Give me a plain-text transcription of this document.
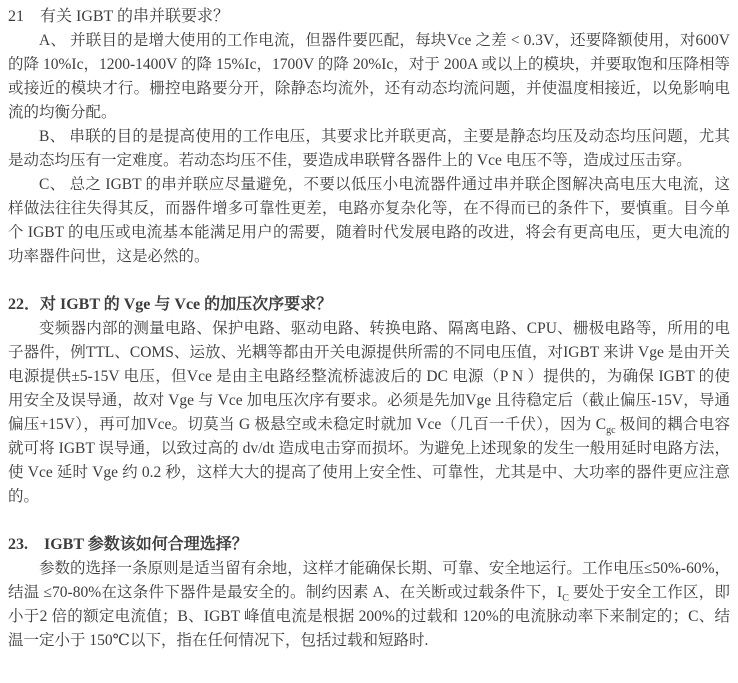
21　有关 IGBT 的串并联要求？

A、 并联目的是增大使用的工作电流，但器件要匹配，每块Vce 之差 < 0.3V，还要降额使用，对600V 的降 10%Ic，1200-1400V 的降 15%Ic，1700V 的降 20%Ic，对于 200A 或以上的模块，并要取饱和压降相等或接近的模块才行。栅控电路要分开，除静态均流外，还有动态均流问题，并使温度相接近，以免影响电流的均衡分配。

B、 串联的目的是提高使用的工作电压，其要求比并联更高，主要是静态均压及动态均压问题，尤其是动态均压有一定难度。若动态均压不佳，要造成串联臂各器件上的 Vce 电压不等，造成过压击穿。

C、 总之 IGBT 的串并联应尽量避免，不要以低压小电流器件通过串并联企图解决高电压大电流，这样做法往往失得其反，而器件增多可靠性更差，电路亦复杂化等，在不得而已的条件下，要慎重。目今单个 IGBT 的电压或电流基本能满足用户的需要，随着时代发展电路的改进，将会有更高电压，更大电流的功率器件问世，这是必然的。

22．对 IGBT 的 Vge 与 Vce 的加压次序要求？

变频器内部的测量电路、保护电路、驱动电路、转换电路、隔离电路、CPU、栅极电路等，所用的电子器件，例TTL、COMS、运放、光耦等都由开关电源提供所需的不同电压值，对IGBT 来讲 Vge 是由开关电源提供±5-15V 电压，但Vce 是由主电路经整流桥滤波后的 DC 电源（P N ）提供的，为确保 IGBT 的使用安全及误导通，故对 Vge 与 Vce 加电压次序有要求。必须是先加Vge 且待稳定后（截止偏压-15V，导通偏压+15V），再可加Vce。切莫当 G 极悬空或未稳定时就加 Vce（几百一千伏），因为 $C_{gc}$ 极间的耦合电容就可将 IGBT 误导通，以致过高的 dv/dt 造成电击穿而损坏。为避免上述现象的发生一般用延时电路方法，使 Vce 延时 Vge 约 0.2 秒，这样大大的提高了使用上安全性、可靠性，尤其是中、大功率的器件更应注意的。

23.　IGBT 参数该如何合理选择？

参数的选择一条原则是适当留有余地，这样才能确保长期、可靠、安全地运行。工作电压≤50%-60%，结温 ≤70-80%在这条件下器件是最安全的。制约因素 A、在关断或过载条件下，$I_C$ 要处于安全工作区，即小于2 倍的额定电流值；B、IGBT 峰值电流是根据 200%的过载和 120%的电流脉动率下来制定的；C、结温一定小于 150℃以下，指在任何情况下，包括过载和短路时.
